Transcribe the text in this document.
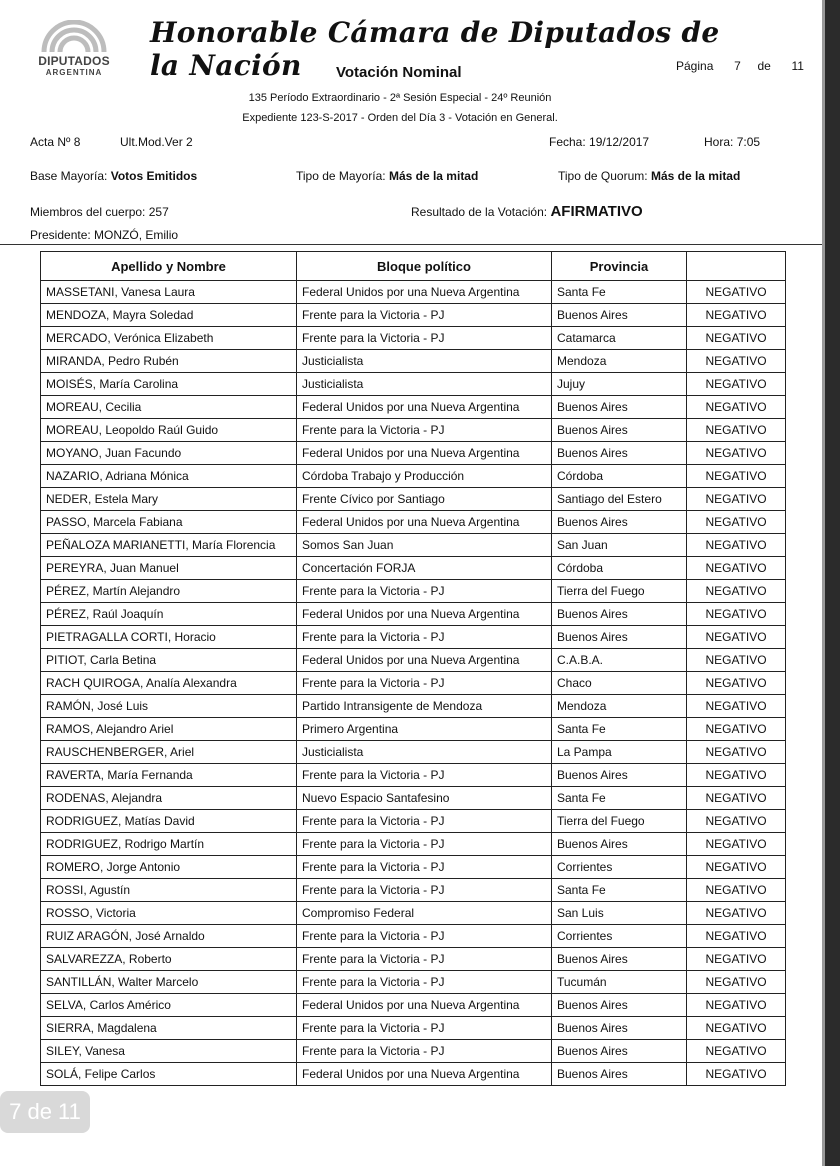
DIPUTADOS
ARGENTINA
Honorable Cámara de Diputados de la Nación	Votación Nominal	Página 7 de 11
135 Período Extraordinario - 2ª Sesión Especial - 24º Reunión
Expediente 123-S-2017 - Orden del Día 3 - Votación en General.
Acta Nº 8	Ult.Mod.Ver 2	Fecha: 19/12/2017	Hora: 7:05
Base Mayoría: Votos Emitidos	Tipo de Mayoría: Más de la mitad	Tipo de Quorum: Más de la mitad
Miembros del cuerpo: 257	Resultado de la Votación: AFIRMATIVO
Presidente: MONZÓ, Emilio
Apellido y Nombre	Bloque político	Provincia	
MASSETANI, Vanesa Laura	Federal Unidos por una Nueva Argentina	Santa Fe	NEGATIVO
MENDOZA, Mayra Soledad	Frente para la Victoria - PJ	Buenos Aires	NEGATIVO
MERCADO, Verónica Elizabeth	Frente para la Victoria - PJ	Catamarca	NEGATIVO
MIRANDA, Pedro Rubén	Justicialista	Mendoza	NEGATIVO
MOISÉS, María Carolina	Justicialista	Jujuy	NEGATIVO
MOREAU, Cecilia	Federal Unidos por una Nueva Argentina	Buenos Aires	NEGATIVO
MOREAU, Leopoldo Raúl Guido	Frente para la Victoria - PJ	Buenos Aires	NEGATIVO
MOYANO, Juan Facundo	Federal Unidos por una Nueva Argentina	Buenos Aires	NEGATIVO
NAZARIO, Adriana Mónica	Córdoba Trabajo y Producción	Córdoba	NEGATIVO
NEDER, Estela Mary	Frente Cívico por Santiago	Santiago del Estero	NEGATIVO
PASSO, Marcela Fabiana	Federal Unidos por una Nueva Argentina	Buenos Aires	NEGATIVO
PEÑALOZA MARIANETTI, María Florencia	Somos San Juan	San Juan	NEGATIVO
PEREYRA, Juan Manuel	Concertación FORJA	Córdoba	NEGATIVO
PÉREZ, Martín Alejandro	Frente para la Victoria - PJ	Tierra del Fuego	NEGATIVO
PÉREZ, Raúl Joaquín	Federal Unidos por una Nueva Argentina	Buenos Aires	NEGATIVO
PIETRAGALLA CORTI, Horacio	Frente para la Victoria - PJ	Buenos Aires	NEGATIVO
PITIOT, Carla Betina	Federal Unidos por una Nueva Argentina	C.A.B.A.	NEGATIVO
RACH QUIROGA, Analía Alexandra	Frente para la Victoria - PJ	Chaco	NEGATIVO
RAMÓN, José Luis	Partido Intransigente de Mendoza	Mendoza	NEGATIVO
RAMOS, Alejandro Ariel	Primero Argentina	Santa Fe	NEGATIVO
RAUSCHENBERGER, Ariel	Justicialista	La Pampa	NEGATIVO
RAVERTA, María Fernanda	Frente para la Victoria - PJ	Buenos Aires	NEGATIVO
RODENAS, Alejandra	Nuevo Espacio Santafesino	Santa Fe	NEGATIVO
RODRIGUEZ, Matías David	Frente para la Victoria - PJ	Tierra del Fuego	NEGATIVO
RODRIGUEZ, Rodrigo Martín	Frente para la Victoria - PJ	Buenos Aires	NEGATIVO
ROMERO, Jorge Antonio	Frente para la Victoria - PJ	Corrientes	NEGATIVO
ROSSI, Agustín	Frente para la Victoria - PJ	Santa Fe	NEGATIVO
ROSSO, Victoria	Compromiso Federal	San Luis	NEGATIVO
RUIZ ARAGÓN, José Arnaldo	Frente para la Victoria - PJ	Corrientes	NEGATIVO
SALVAREZZA, Roberto	Frente para la Victoria - PJ	Buenos Aires	NEGATIVO
SANTILLÁN, Walter Marcelo	Frente para la Victoria - PJ	Tucumán	NEGATIVO
SELVA, Carlos Américo	Federal Unidos por una Nueva Argentina	Buenos Aires	NEGATIVO
SIERRA, Magdalena	Frente para la Victoria - PJ	Buenos Aires	NEGATIVO
SILEY, Vanesa	Frente para la Victoria - PJ	Buenos Aires	NEGATIVO
SOLÁ, Felipe Carlos	Federal Unidos por una Nueva Argentina	Buenos Aires	NEGATIVO
7 de 11
